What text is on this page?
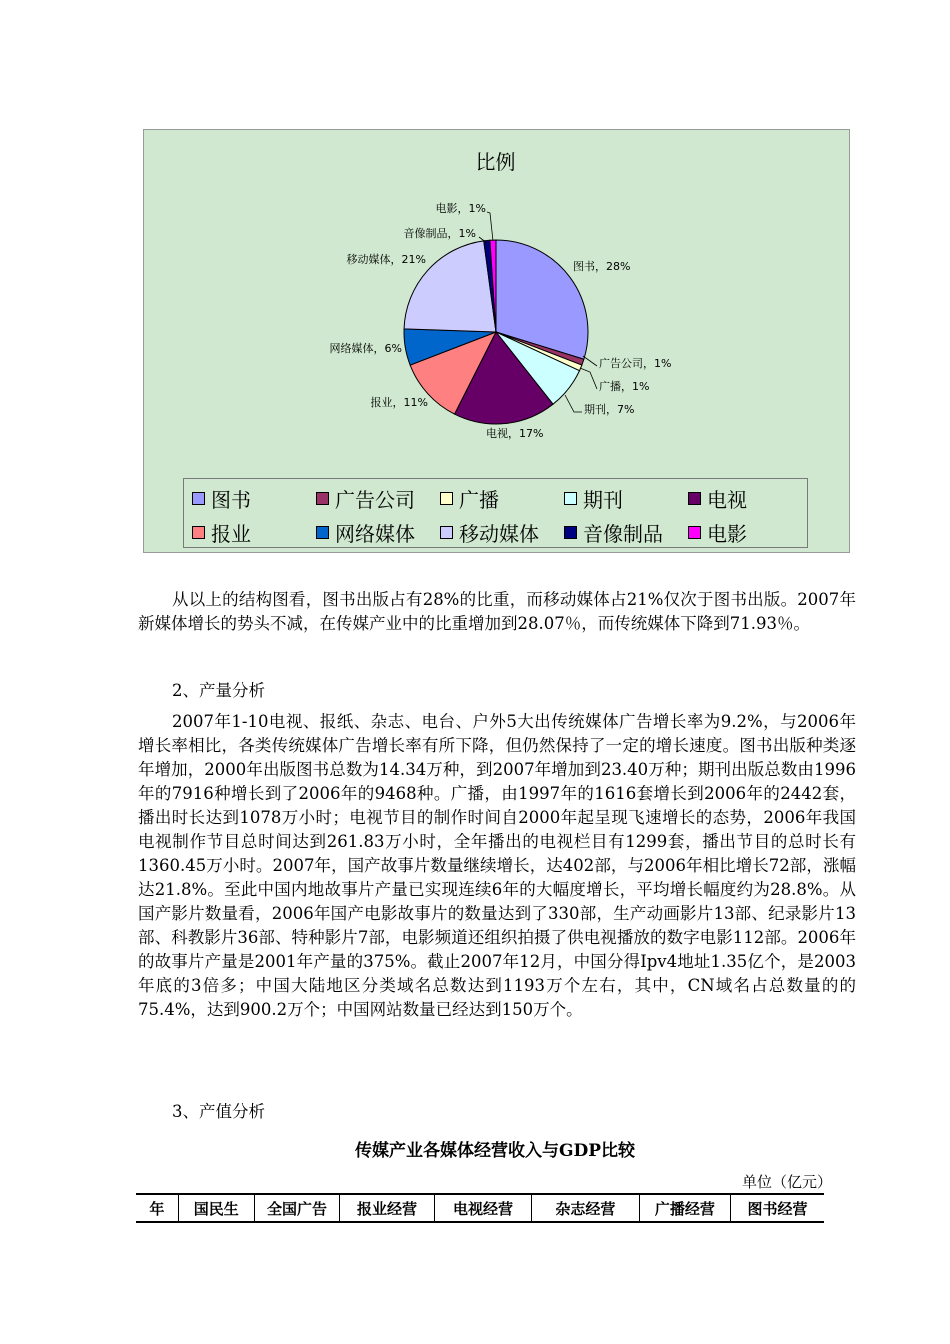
图书，28%
广告公司，1%
广播，1%
期刊，7%
电视，17%
报业，11%
网络媒体，6%
移动媒体，21%
音像制品，1%
电影，1%
比例
图书	广告公司 广播	期刊	电视
报业	网络媒体 移动媒体 音像制品 电影

从以上的结构图看，图书出版占有28%的比重，而移动媒体占21%仅次于图书出版。2007年新媒体增长的势头不减，在传媒产业中的比重增加到28.07％，而传统媒体下降到71.93％。

2、产量分析

2007年1-10电视、报纸、杂志、电台、户外5大出传统媒体广告增长率为9.2%，与2006年增长率相比，各类传统媒体广告增长率有所下降，但仍然保持了一定的增长速度。图书出版种类逐年增加，2000年出版图书总数为14.34万种，到2007年增加到23.40万种；期刊出版总数由1996年的7916种增长到了2006年的9468种。广播，由1997年的1616套增长到2006年的2442套，播出时长达到1078万小时；电视节目的制作时间自2000年起呈现飞速增长的态势，2006年我国电视制作节目总时间达到261.83万小时，全年播出的电视栏目有1299套，播出节目的总时长有1360.45万小时。2007年，国产故事片数量继续增长，达402部，与2006年相比增长72部，涨幅达21.8%。至此中国内地故事片产量已实现连续6年的大幅度增长，平均增长幅度约为28.8%。从国产影片数量看，2006年国产电影故事片的数量达到了330部，生产动画影片13部、纪录影片13部、科教影片36部、特种影片7部，电影频道还组织拍摄了供电视播放的数字电影112部。2006年的故事片产量是2001年产量的375%。截止2007年12月，中国分得Ipv4地址1.35亿个，是2003年底的3倍多；中国大陆地区分类域名总数达到1193万个左右，其中，CN域名占总数量的的75.4%，达到900.2万个；中国网站数量已经达到150万个。

3、产值分析
传媒产业各媒体经营收入与GDP比较
单位（亿元）
年	国民生	全国广告	报业经营	电视经营	杂志经营	广播经营	图书经营
